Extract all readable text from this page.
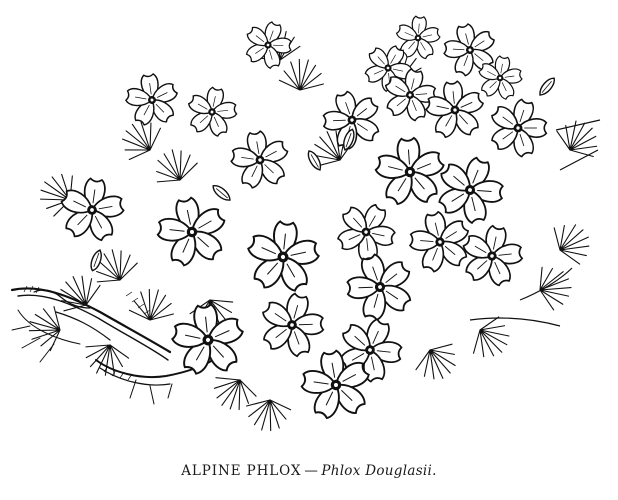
ALPINE PHLOX — Phlox Douglasii.
